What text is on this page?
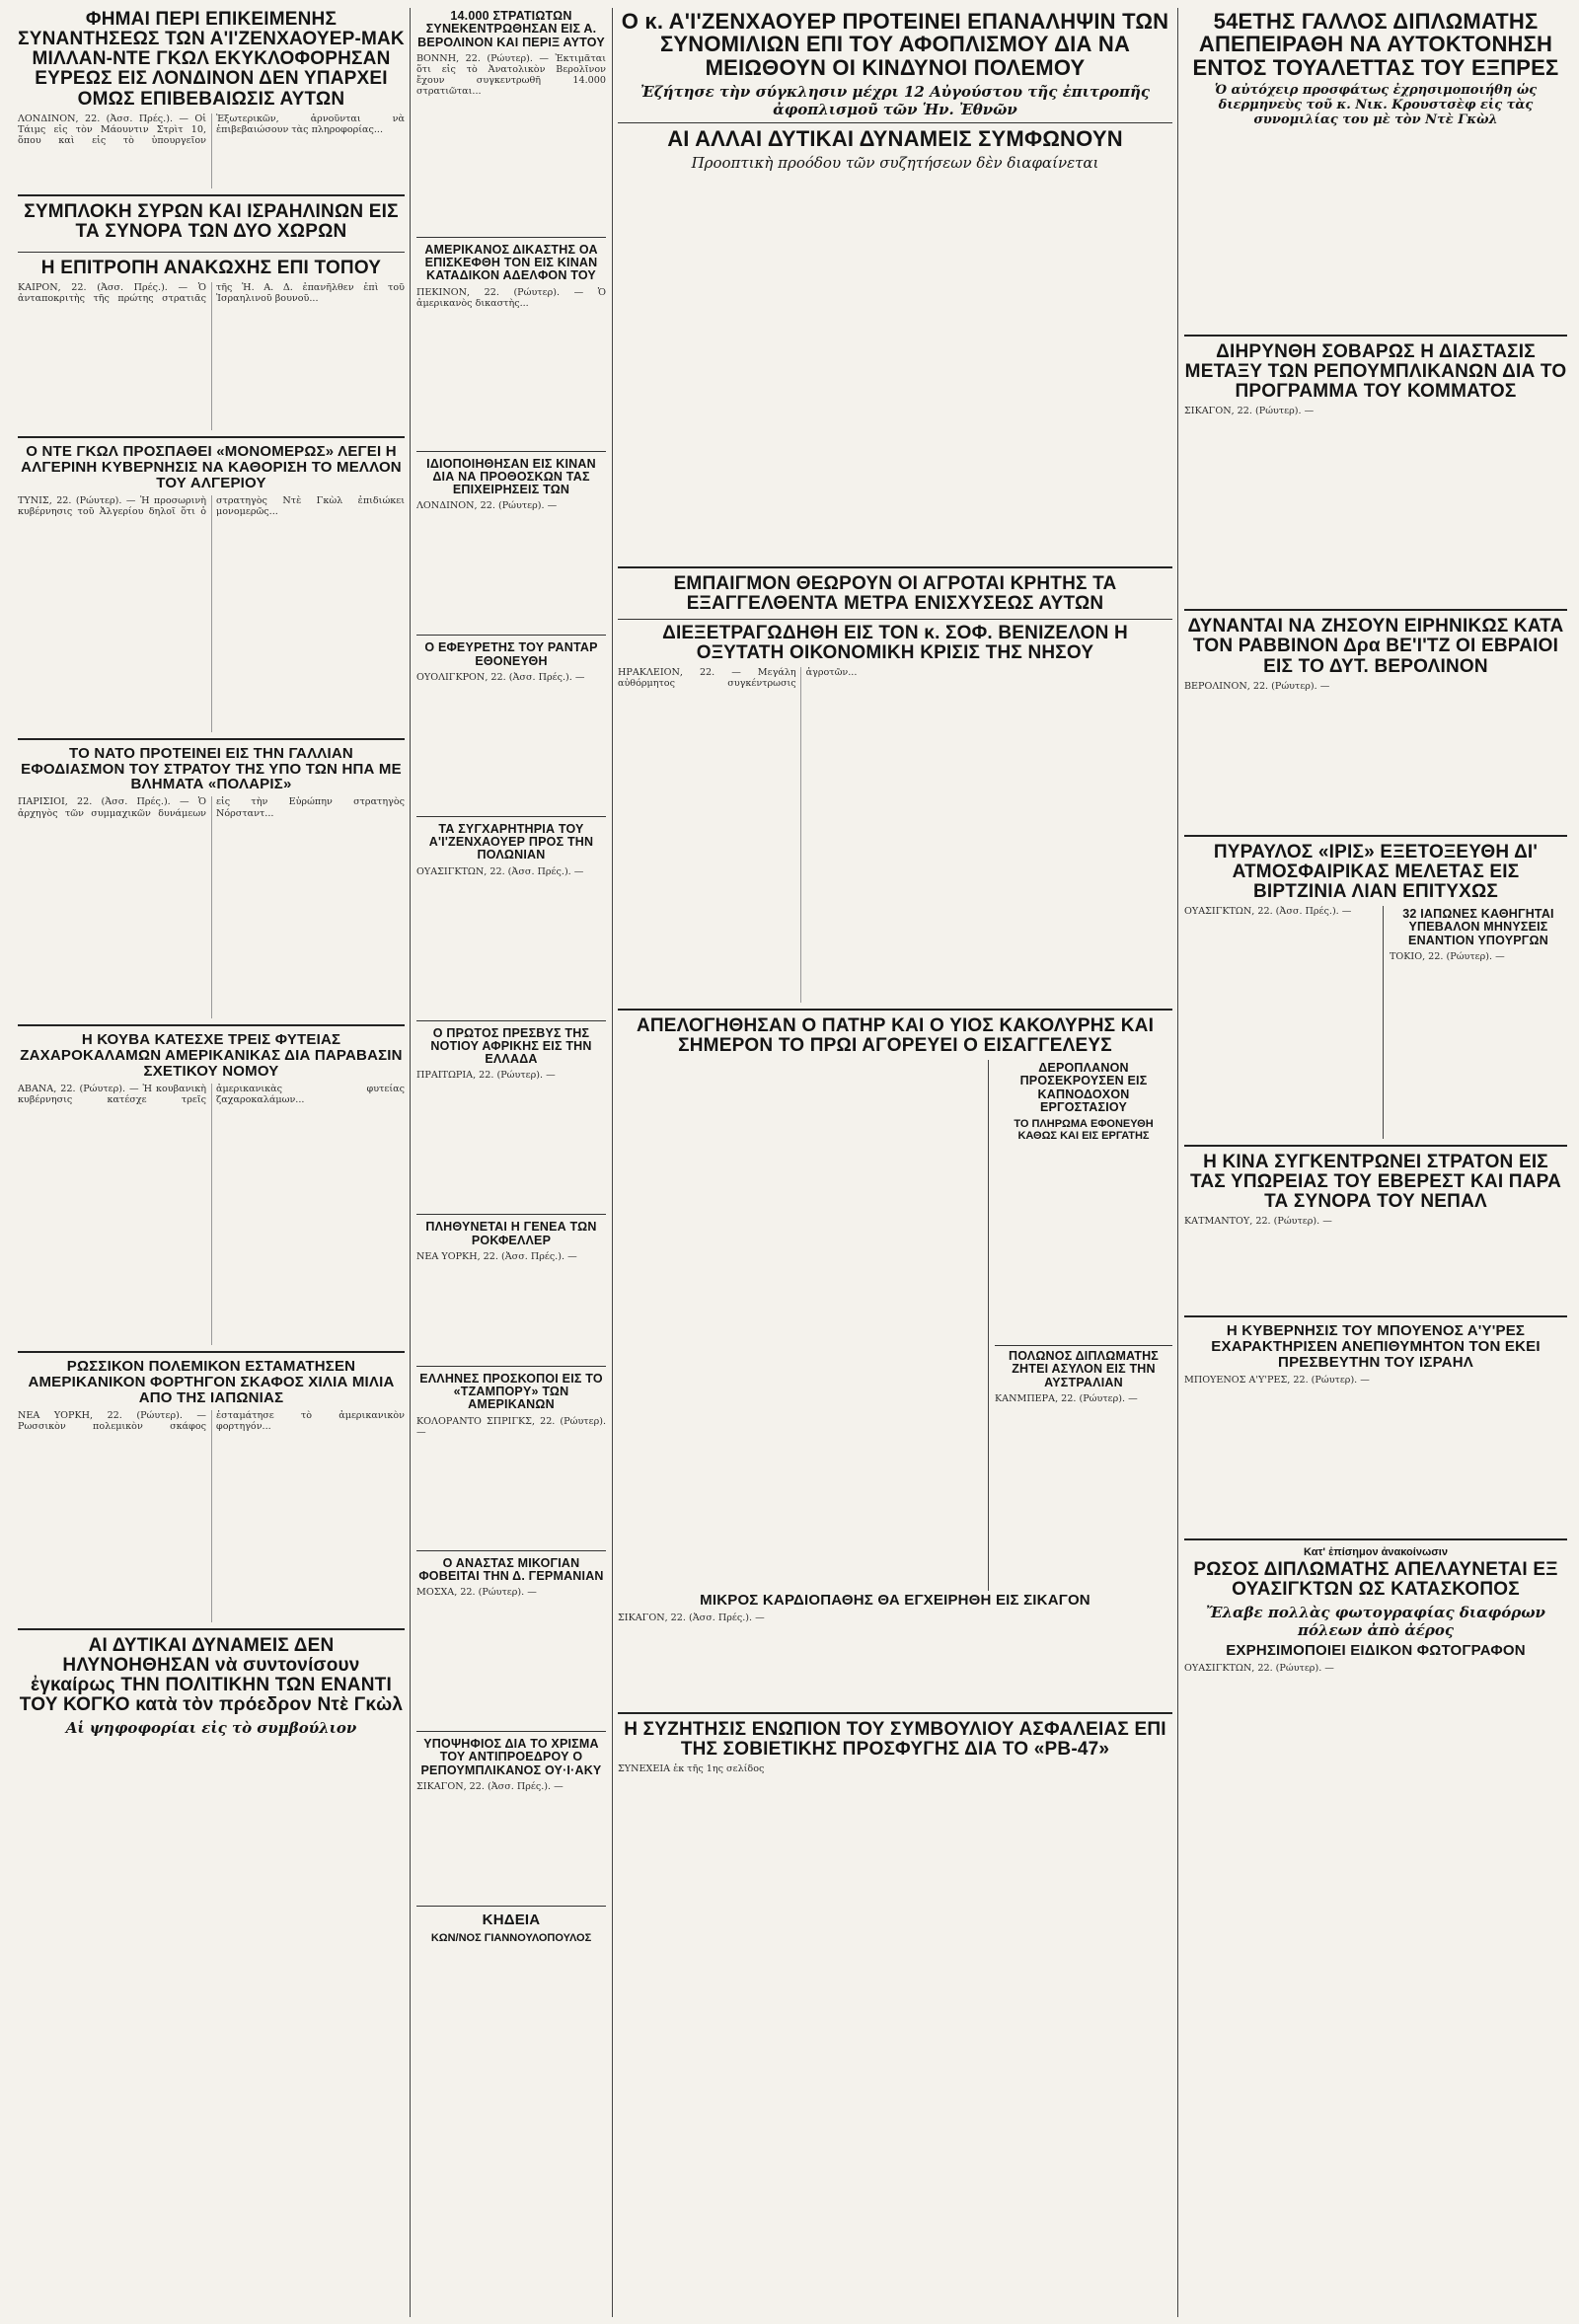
ΦΗΜΑΙ ΠΕΡΙ ΕΠΙΚΕΙΜΕΝΗΣ ΣΥΝΑΝΤΗΣΕΩΣ ΤΩΝ Α'Ι'ΖΕΝΧΑΟΥΕΡ-ΜΑΚ ΜΙΛΛΑΝ-ΝΤΕ ΓΚΩΛ ΕΚΥΚΛΟΦΟΡΗΣΑΝ ΕΥΡΕΩΣ ΕΙΣ ΛΟΝΔΙΝΟΝ ΔΕΝ ΥΠΑΡΧΕΙ ΟΜΩΣ ΕΠΙΒΕΒΑΙΩΣΙΣ ΑΥΤΩΝ
ΛΟΝΔΙΝΟΝ, 22. (Ἀσσ. Πρές.). — Οἱ Τάιμς εἰς τὸν Μάουντιν Στρὶτ 10, ὅπου καὶ εἰς τὸ ὑπουργεῖον Ἐξωτερικῶν, ἀρνοῦνται νὰ ἐπιβεβαιώσουν τὰς πληροφορίας...
ΣΥΜΠΛΟΚΗ ΣΥΡΩΝ ΚΑΙ ΙΣΡΑΗΛΙΝΩΝ ΕΙΣ ΤΑ ΣΥΝΟΡΑ ΤΩΝ ΔΥΟ ΧΩΡΩΝ
Η ΕΠΙΤΡΟΠΗ ΑΝΑΚΩΧΗΣ ΕΠΙ ΤΟΠΟΥ
ΚΑΙΡΟΝ, 22. (Ἀσσ. Πρές.). — Ὁ ἀνταποκριτὴς τῆς πρώτης στρατιᾶς τῆς Ἡ. Α. Δ. ἐπανῆλθεν ἐπὶ τοῦ Ἰσραηλινοῦ βουνοῦ...
Ο ΝΤΕ ΓΚΩΛ ΠΡΟΣΠΑΘΕΙ «ΜΟΝΟΜΕΡΩΣ» ΛΕΓΕΙ Η ΑΛΓΕΡΙΝΗ ΚΥΒΕΡΝΗΣΙΣ ΝΑ ΚΑΘΟΡΙΣΗ ΤΟ ΜΕΛΛΟΝ ΤΟΥ ΑΛΓΕΡΙΟΥ
ΤΥΝΙΣ, 22. (Ρώυτερ). — Ἡ προσωρινὴ κυβέρνησις τοῦ Ἀλγερίου δηλοῖ ὅτι ὁ στρατηγὸς Ντὲ Γκὼλ ἐπιδιώκει μονομερῶς...
ΤΟ ΝΑΤΟ ΠΡΟΤΕΙΝΕΙ ΕΙΣ ΤΗΝ ΓΑΛΛΙΑΝ ΕΦΟΔΙΑΣΜΟΝ ΤΟΥ ΣΤΡΑΤΟΥ ΤΗΣ ΥΠΟ ΤΩΝ ΗΠΑ ΜΕ ΒΛΗΜΑΤΑ «ΠΟΛΑΡΙΣ»
ΠΑΡΙΣΙΟΙ, 22. (Ἀσσ. Πρές.). — Ὁ ἀρχηγὸς τῶν συμμαχικῶν δυνάμεων εἰς τὴν Εὐρώπην στρατηγὸς Νόρσταντ...
Η ΚΟΥΒΑ ΚΑΤΕΣΧΕ ΤΡΕΙΣ ΦΥΤΕΙΑΣ ΖΑΧΑΡΟΚΑΛΑΜΩΝ ΑΜΕΡΙΚΑΝΙΚΑΣ ΔΙΑ ΠΑΡΑΒΑΣΙΝ ΣΧΕΤΙΚΟΥ ΝΟΜΟΥ
ΑΒΑΝΑ, 22. (Ρώυτερ). — Ἡ κουβανικὴ κυβέρνησις κατέσχε τρεῖς ἀμερικανικὰς φυτείας ζαχαροκαλάμων...
ΡΩΣΣΙΚΟΝ ΠΟΛΕΜΙΚΟΝ ΕΣΤΑΜΑΤΗΣΕΝ ΑΜΕΡΙΚΑΝΙΚΟΝ ΦΟΡΤΗΓΟΝ ΣΚΑΦΟΣ ΧΙΛΙΑ ΜΙΛΙΑ ΑΠΟ ΤΗΣ ΙΑΠΩΝΙΑΣ
ΝΕΑ ΥΟΡΚΗ, 22. (Ρώυτερ). — Ρωσσικὸν πολεμικὸν σκάφος ἐσταμάτησε τὸ ἀμερικανικὸν φορτηγόν...
ΑΙ ΔΥΤΙΚΑΙ ΔΥΝΑΜΕΙΣ ΔΕΝ ΗΛΥΝΟΗΘΗΣΑΝ νὰ συντονίσουν ἐγκαίρως ΤΗΝ ΠΟΛΙΤΙΚΗΝ ΤΩΝ ΕΝΑΝΤΙ ΤΟΥ ΚΟΓΚΟ κατὰ τὸν πρόεδρον Ντὲ Γκὼλ
Αἱ ψηφοφορίαι εἰς τὸ συμβούλιον
14.000 ΣΤΡΑΤΙΩΤΩΝ ΣΥΝΕΚΕΝΤΡΩΘΗΣΑΝ ΕΙΣ Α. ΒΕΡΟΛΙΝΟΝ ΚΑΙ ΠΕΡΙΞ ΑΥΤΟΥ
ΒΟΝΝΗ, 22. (Ρώυτερ). — Ἐκτιμᾶται ὅτι εἰς τὸ Ἀνατολικὸν Βερολῖνον ἔχουν συγκεντρωθῆ 14.000 στρατιῶται...
ΑΜΕΡΙΚΑΝΟΣ ΔΙΚΑΣΤΗΣ ΟΑ ΕΠΙΣΚΕΦΘΗ ΤΟΝ ΕΙΣ ΚΙΝΑΝ ΚΑΤΑΔΙΚΟΝ ΑΔΕΛΦΟΝ ΤΟΥ
ΠΕΚΙΝΟΝ, 22. (Ρώυτερ). — Ὁ ἀμερικανὸς δικαστὴς...
ΙΔΙΟΠΟΙΗΘΗΣΑΝ ΕΙΣ ΚΙΝΑΝ ΔΙΑ ΝΑ ΠΡΟΘΟΣΚΩΝ ΤΑΣ ΕΠΙΧΕΙΡΗΣΕΙΣ ΤΩΝ
ΛΟΝΔΙΝΟΝ, 22. (Ρώυτερ). —
Ο ΕΦΕΥΡΕΤΗΣ ΤΟΥ ΡΑΝΤΑΡ ΕΘΟΝΕΥΘΗ
ΟΥΟΛΙΓΚΡΟΝ, 22. (Ἀσσ. Πρές.). —
ΤΑ ΣΥΓΧΑΡΗΤΗΡΙΑ ΤΟΥ Α'Ι'ΖΕΝΧΑΟΥΕΡ ΠΡΟΣ ΤΗΝ ΠΟΛΩΝΙΑΝ
ΟΥΑΣΙΓΚΤΩΝ, 22. (Ἀσσ. Πρές.). —
Ο ΠΡΩΤΟΣ ΠΡΕΣΒΥΣ ΤΗΣ ΝΟΤΙΟΥ ΑΦΡΙΚΗΣ ΕΙΣ ΤΗΝ ΕΛΛΑΔΑ
ΠΡΑΙΤΩΡΙΑ, 22. (Ρώυτερ). —
ΠΛΗΘΥΝΕΤΑΙ Η ΓΕΝΕΑ ΤΩΝ ΡΟΚΦΕΛΛΕΡ
ΝΕΑ ΥΟΡΚΗ, 22. (Ἀσσ. Πρές.). —
ΕΛΛΗΝΕΣ ΠΡΟΣΚΟΠΟΙ ΕΙΣ ΤΟ «ΤΖΑΜΠΟΡΥ» ΤΩΝ ΑΜΕΡΙΚΑΝΩΝ
ΚΟΛΟΡΑΝΤΟ ΣΠΡΙΓΚΣ, 22. (Ρώυτερ). —
Ο ΑΝΑΣΤΑΣ ΜΙΚΟΓΙΑΝ ΦΟΒΕΙΤΑΙ ΤΗΝ Δ. ΓΕΡΜΑΝΙΑΝ
ΜΟΣΧΑ, 22. (Ρώυτερ). —
ΥΠΟΨΗΦΙΟΣ ΔΙΑ ΤΟ ΧΡΙΣΜΑ ΤΟΥ ΑΝΤΙΠΡΟΕΔΡΟΥ Ο ΡΕΠΟΥΜΠΛΙΚΑΝΟΣ ΟΥ·Ι·ΑΚΥ
ΣΙΚΑΓΟΝ, 22. (Ἀσσ. Πρές.). —
ΚΗΔΕΙΑ
ΚΩΝ/ΝΟΣ ΓΙΑΝΝΟΥΛΟΠΟΥΛΟΣ
Ο κ. Α'Ι'ΖΕΝΧΑΟΥΕΡ ΠΡΟΤΕΙΝΕΙ ΕΠΑΝΑΛΗΨΙΝ ΤΩΝ ΣΥΝΟΜΙΛΙΩΝ ΕΠΙ ΤΟΥ ΑΦΟΠΛΙΣΜΟΥ ΔΙΑ ΝΑ ΜΕΙΩΘΟΥΝ ΟΙ ΚΙΝΔΥΝΟΙ ΠΟΛΕΜΟΥ
Ἐζήτησε τὴν σύγκλησιν μέχρι 12 Αὐγούστου τῆς ἐπιτροπῆς ἀφοπλισμοῦ τῶν Ἡν. Ἐθνῶν
ΑΙ ΑΛΛΑΙ ΔΥΤΙΚΑΙ ΔΥΝΑΜΕΙΣ ΣΥΜΦΩΝΟΥΝ
Προοπτικὴ προόδου τῶν συζητήσεων δὲν διαφαίνεται
ΕΜΠΑΙΓΜΟΝ ΘΕΩΡΟΥΝ ΟΙ ΑΓΡΟΤΑΙ ΚΡΗΤΗΣ ΤΑ ΕΞΑΓΓΕΛΘΕΝΤΑ ΜΕΤΡΑ ΕΝΙΣΧΥΣΕΩΣ ΑΥΤΩΝ
ΔΙΕΞΕΤΡΑΓΩΔΗΘΗ ΕΙΣ ΤΟΝ κ. ΣΟΦ. ΒΕΝΙΖΕΛΟΝ Η ΟΞΥΤΑΤΗ ΟΙΚΟΝΟΜΙΚΗ ΚΡΙΣΙΣ ΤΗΣ ΝΗΣΟΥ
ΗΡΑΚΛΕΙΟΝ, 22. — Μεγάλη αὐθόρμητος συγκέντρωσις ἀγροτῶν...
ΑΠΕΛΟΓΗΘΗΣΑΝ Ο ΠΑΤΗΡ ΚΑΙ Ο ΥΙΟΣ ΚΑΚΟΛΥΡΗΣ ΚΑΙ ΣΗΜΕΡΟΝ ΤΟ ΠΡΩΙ ΑΓΟΡΕΥΕΙ Ο ΕΙΣΑΓΓΕΛΕΥΣ
ΔΕΡΟΠΛΑΝΟΝ ΠΡΟΣΕΚΡΟΥΣΕΝ ΕΙΣ ΚΑΠΝΟΔΟΧΟΝ ΕΡΓΟΣΤΑΣΙΟΥ
ΤΟ ΠΛΗΡΩΜΑ ΕΦΟΝΕΥΘΗ ΚΑΘΩΣ ΚΑΙ ΕΙΣ ΕΡΓΑΤΗΣ
ΠΟΛΩΝΟΣ ΔΙΠΛΩΜΑΤΗΣ ΖΗΤΕΙ ΑΣΥΛΟΝ ΕΙΣ ΤΗΝ ΑΥΣΤΡΑΛΙΑΝ
ΚΑΝΜΠΕΡΑ, 22. (Ρώυτερ). —
ΜΙΚΡΟΣ ΚΑΡΔΙΟΠΑΘΗΣ ΘΑ ΕΓΧΕΙΡΗΘΗ ΕΙΣ ΣΙΚΑΓΟΝ
ΣΙΚΑΓΟΝ, 22. (Ἀσσ. Πρές.). —
Η ΣΥΖΗΤΗΣΙΣ ΕΝΩΠΙΟΝ ΤΟΥ ΣΥΜΒΟΥΛΙΟΥ ΑΣΦΑΛΕΙΑΣ ΕΠΙ ΤΗΣ ΣΟΒΙΕΤΙΚΗΣ ΠΡΟΣΦΥΓΗΣ ΔΙΑ ΤΟ «ΡΒ-47»
ΣΥΝΕΧΕΙΑ ἐκ τῆς 1ης σελίδος
54ΕΤΗΣ ΓΑΛΛΟΣ ΔΙΠΛΩΜΑΤΗΣ ΑΠΕΠΕΙΡΑΘΗ ΝΑ ΑΥΤΟΚΤΟΝΗΣΗ ΕΝΤΟΣ ΤΟΥΑΛΕΤΤΑΣ ΤΟΥ ΕΞΠΡΕΣ
Ὁ αὐτόχειρ προσφάτως ἐχρησιμοποιήθη ὡς διερμηνεὺς τοῦ κ. Νικ. Κρουστσὲφ εἰς τὰς συνομιλίας του μὲ τὸν Ντὲ Γκὼλ
ΔΙΗΡΥΝΘΗ ΣΟΒΑΡΩΣ Η ΔΙΑΣΤΑΣΙΣ ΜΕΤΑΞΥ ΤΩΝ ΡΕΠΟΥΜΠΛΙΚΑΝΩΝ ΔΙΑ ΤΟ ΠΡΟΓΡΑΜΜΑ ΤΟΥ ΚΟΜΜΑΤΟΣ
ΣΙΚΑΓΟΝ, 22. (Ρώυτερ). —
ΔΥΝΑΝΤΑΙ ΝΑ ΖΗΣΟΥΝ ΕΙΡΗΝΙΚΩΣ ΚΑΤΑ ΤΟΝ ΡΑΒΒΙΝΟΝ Δρα ΒΕ'Ι'ΤΖ ΟΙ ΕΒΡΑΙΟΙ ΕΙΣ ΤΟ ΔΥΤ. ΒΕΡΟΛΙΝΟΝ
ΒΕΡΟΛΙΝΟΝ, 22. (Ρώυτερ). —
ΠΥΡΑΥΛΟΣ «ΙΡΙΣ» ΕΞΕΤΟΞΕΥΘΗ ΔΙ' ΑΤΜΟΣΦΑΙΡΙΚΑΣ ΜΕΛΕΤΑΣ ΕΙΣ ΒΙΡΤΖΙΝΙΑ ΛΙΑΝ ΕΠΙΤΥΧΩΣ
ΟΥΑΣΙΓΚΤΩΝ, 22. (Ἀσσ. Πρές.). —	32 ΙΑΠΩΝΕΣ ΚΑΘΗΓΗΤΑΙ ΥΠΕΒΑΛΟΝ ΜΗΝΥΣΕΙΣ ΕΝΑΝΤΙΟΝ ΥΠΟΥΡΓΩΝ
ΤΟΚΙΟ, 22. (Ρώυτερ). —
Η ΚΙΝΑ ΣΥΓΚΕΝΤΡΩΝΕΙ ΣΤΡΑΤΟΝ ΕΙΣ ΤΑΣ ΥΠΩΡΕΙΑΣ ΤΟΥ ΕΒΕΡΕΣΤ ΚΑΙ ΠΑΡΑ ΤΑ ΣΥΝΟΡΑ ΤΟΥ ΝΕΠΑΛ
ΚΑΤΜΑΝΤΟΥ, 22. (Ρώυτερ). —
Η ΚΥΒΕΡΝΗΣΙΣ ΤΟΥ ΜΠΟΥΕΝΟΣ Α'Υ'ΡΕΣ ΕΧΑΡΑΚΤΗΡΙΣΕΝ ΑΝΕΠΙΘΥΜΗΤΟΝ ΤΟΝ ΕΚΕΙ ΠΡΕΣΒΕΥΤΗΝ ΤΟΥ ΙΣΡΑΗΛ
ΜΠΟΥΕΝΟΣ Α'Υ'ΡΕΣ, 22. (Ρώυτερ). —
Κατ' ἐπίσημον ἀνακοίνωσιν
ΡΩΣΟΣ ΔΙΠΛΩΜΑΤΗΣ ΑΠΕΛΑΥΝΕΤΑΙ ΕΞ ΟΥΑΣΙΓΚΤΩΝ ΩΣ ΚΑΤΑΣΚΟΠΟΣ
Ἔλαβε πολλὰς φωτογραφίας διαφόρων πόλεων ἀπὸ ἀέρος
ΕΧΡΗΣΙΜΟΠΟΙΕΙ ΕΙΔΙΚΟΝ ΦΩΤΟΓΡΑΦΟΝ
ΟΥΑΣΙΓΚΤΩΝ, 22. (Ρώυτερ). —
